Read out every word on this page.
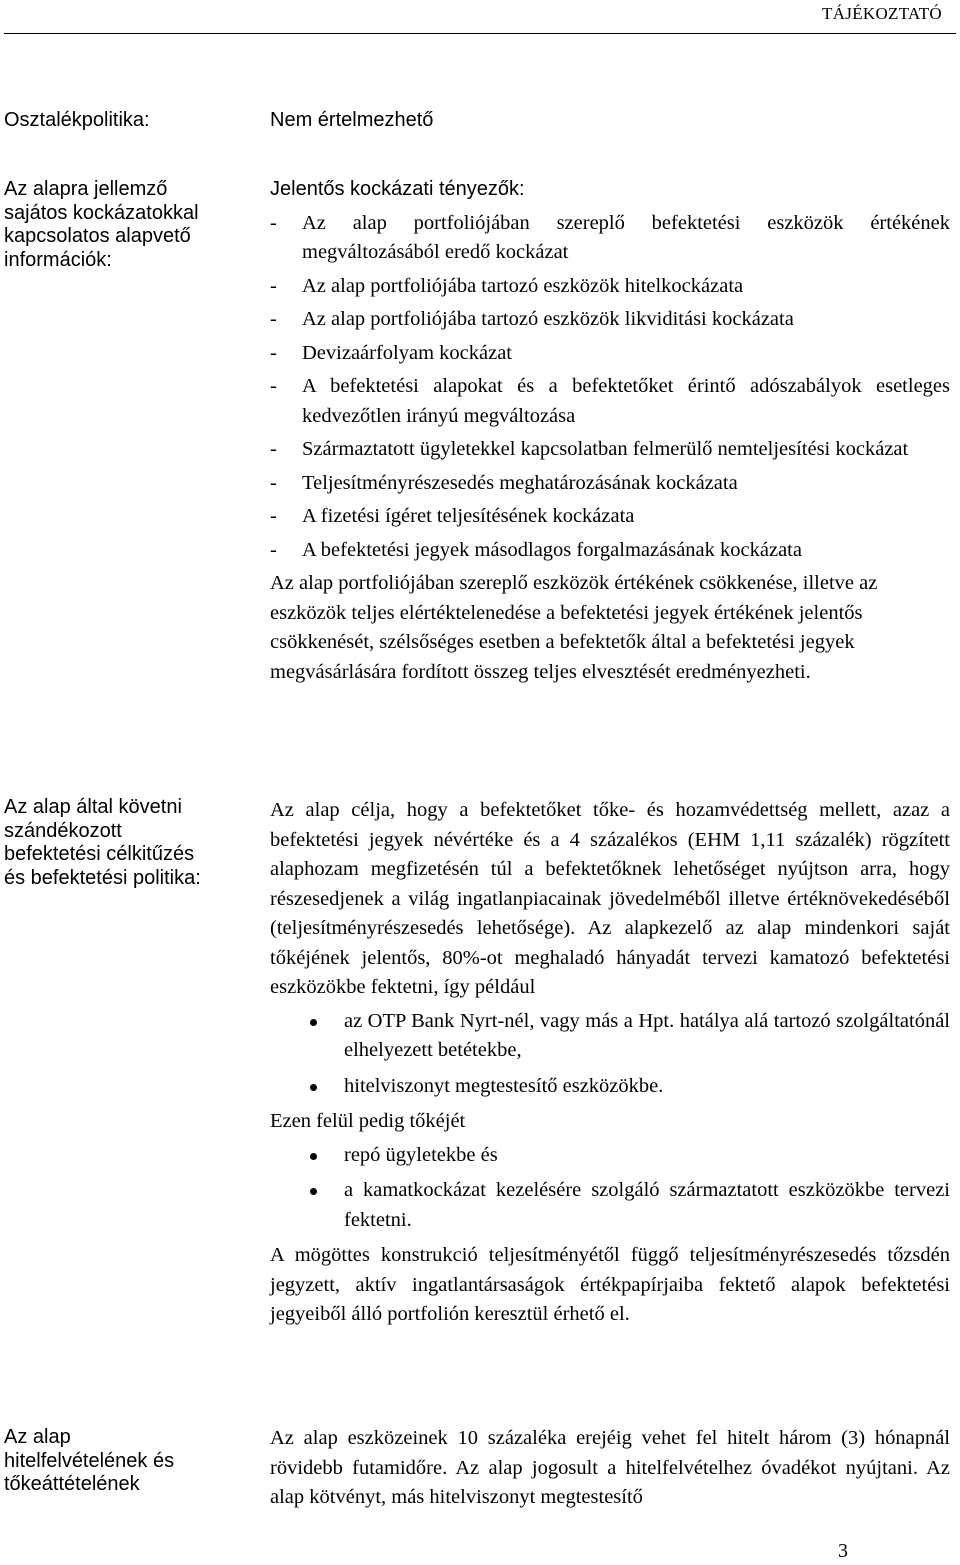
TÁJÉKOZTATÓ
Osztalékpolitika:	Nem értelmezhető

Az alapra jellemző
sajátos kockázatokkal
kapcsolatos alapvető
információk:

Jelentős kockázati tényezők:

- Az alap portfoliójában szereplő befektetési eszközök értékének megváltozásából eredő kockázat
- Az alap portfoliójába tartozó eszközök hitelkockázata
- Az alap portfoliójába tartozó eszközök likviditási kockázata
- Devizaárfolyam kockázat
- A befektetési alapokat és a befektetőket érintő adószabályok esetleges kedvezőtlen irányú megváltozása
- Származtatott ügyletekkel kapcsolatban felmerülő nemteljesítési kockázat
- Teljesítményrészesedés meghatározásának kockázata
- A fizetési ígéret teljesítésének kockázata
- A befektetési jegyek másodlagos forgalmazásának kockázata

Az alap portfoliójában szereplő eszközök értékének csökkenése, illetve az eszközök teljes elértéktelenedése a befektetési jegyek értékének jelentős csökkenését, szélsőséges esetben a befektetők által a befektetési jegyek megvásárlására fordított összeg teljes elvesztését eredményezheti.

Az alap által követni
szándékozott
befektetési célkitűzés
és befektetési politika:

Az alap célja, hogy a befektetőket tőke- és hozamvédettség mellett, azaz a befektetési jegyek névértéke és a 4 százalékos (EHM 1,11 százalék) rögzített alaphozam megfizetésén túl a befektetőknek lehetőséget nyújtson arra, hogy részesedjenek a világ ingatlanpiacainak jövedelméből illetve értéknövekedéséből (teljesítményrészesedés lehetősége). Az alapkezelő az alap mindenkori saját tőkéjének jelentős, 80%-ot meghaladó hányadát tervezi kamatozó befektetési eszközökbe fektetni, így például

az OTP Bank Nyrt-nél, vagy más a Hpt. hatálya alá tartozó szolgáltatónál elhelyezett betétekbe,
hitelviszonyt megtestesítő eszközökbe.

Ezen felül pedig tőkéjét

repó ügyletekbe és
a kamatkockázat kezelésére szolgáló származtatott eszközökbe tervezi fektetni.

A mögöttes konstrukció teljesítményétől függő teljesítményrészesedés tőzsdén jegyzett, aktív ingatlantársaságok értékpapírjaiba fektető alapok befektetési jegyeiből álló portfolión keresztül érhető el.

Az alap
hitelfelvételének és
tőkeáttételének

Az alap eszközeinek 10 százaléka erejéig vehet fel hitelt három (3) hónapnál rövidebb futamidőre. Az alap jogosult a hitelfelvételhez óvadékot nyújtani. Az alap kötvényt, más hitelviszonyt megtestesítő

3
